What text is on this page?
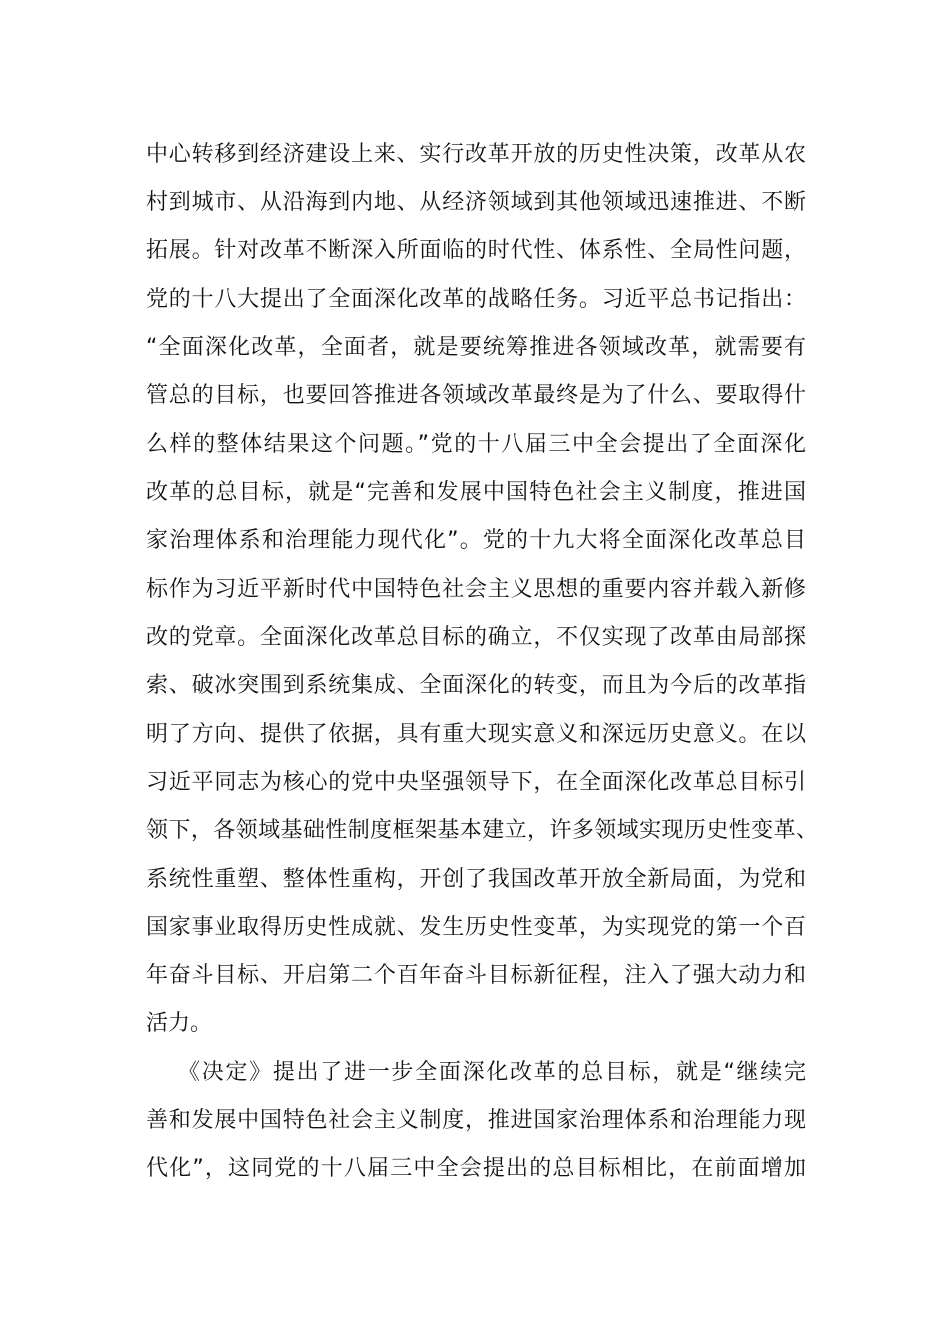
中心转移到经济建设上来、实行改革开放的历史性决策，改革从农
村到城市、从沿海到内地、从经济领域到其他领域迅速推进、不断
拓展。针对改革不断深入所面临的时代性、体系性、全局性问题，
党的十八大提出了全面深化改革的战略任务。习近平总书记指出：
“全面深化改革，全面者，就是要统筹推进各领域改革，就需要有
管总的目标，也要回答推进各领域改革最终是为了什么、要取得什
么样的整体结果这个问题。”党的十八届三中全会提出了全面深化
改革的总目标，就是“完善和发展中国特色社会主义制度，推进国
家治理体系和治理能力现代化”。党的十九大将全面深化改革总目
标作为习近平新时代中国特色社会主义思想的重要内容并载入新修
改的党章。全面深化改革总目标的确立，不仅实现了改革由局部探
索、破冰突围到系统集成、全面深化的转变，而且为今后的改革指
明了方向、提供了依据，具有重大现实意义和深远历史意义。在以
习近平同志为核心的党中央坚强领导下，在全面深化改革总目标引
领下，各领域基础性制度框架基本建立，许多领域实现历史性变革、
系统性重塑、整体性重构，开创了我国改革开放全新局面，为党和
国家事业取得历史性成就、发生历史性变革，为实现党的第一个百
年奋斗目标、开启第二个百年奋斗目标新征程，注入了强大动力和
活力。
《决定》提出了进一步全面深化改革的总目标，就是“继续完
善和发展中国特色社会主义制度，推进国家治理体系和治理能力现
代化”，这同党的十八届三中全会提出的总目标相比，在前面增加
